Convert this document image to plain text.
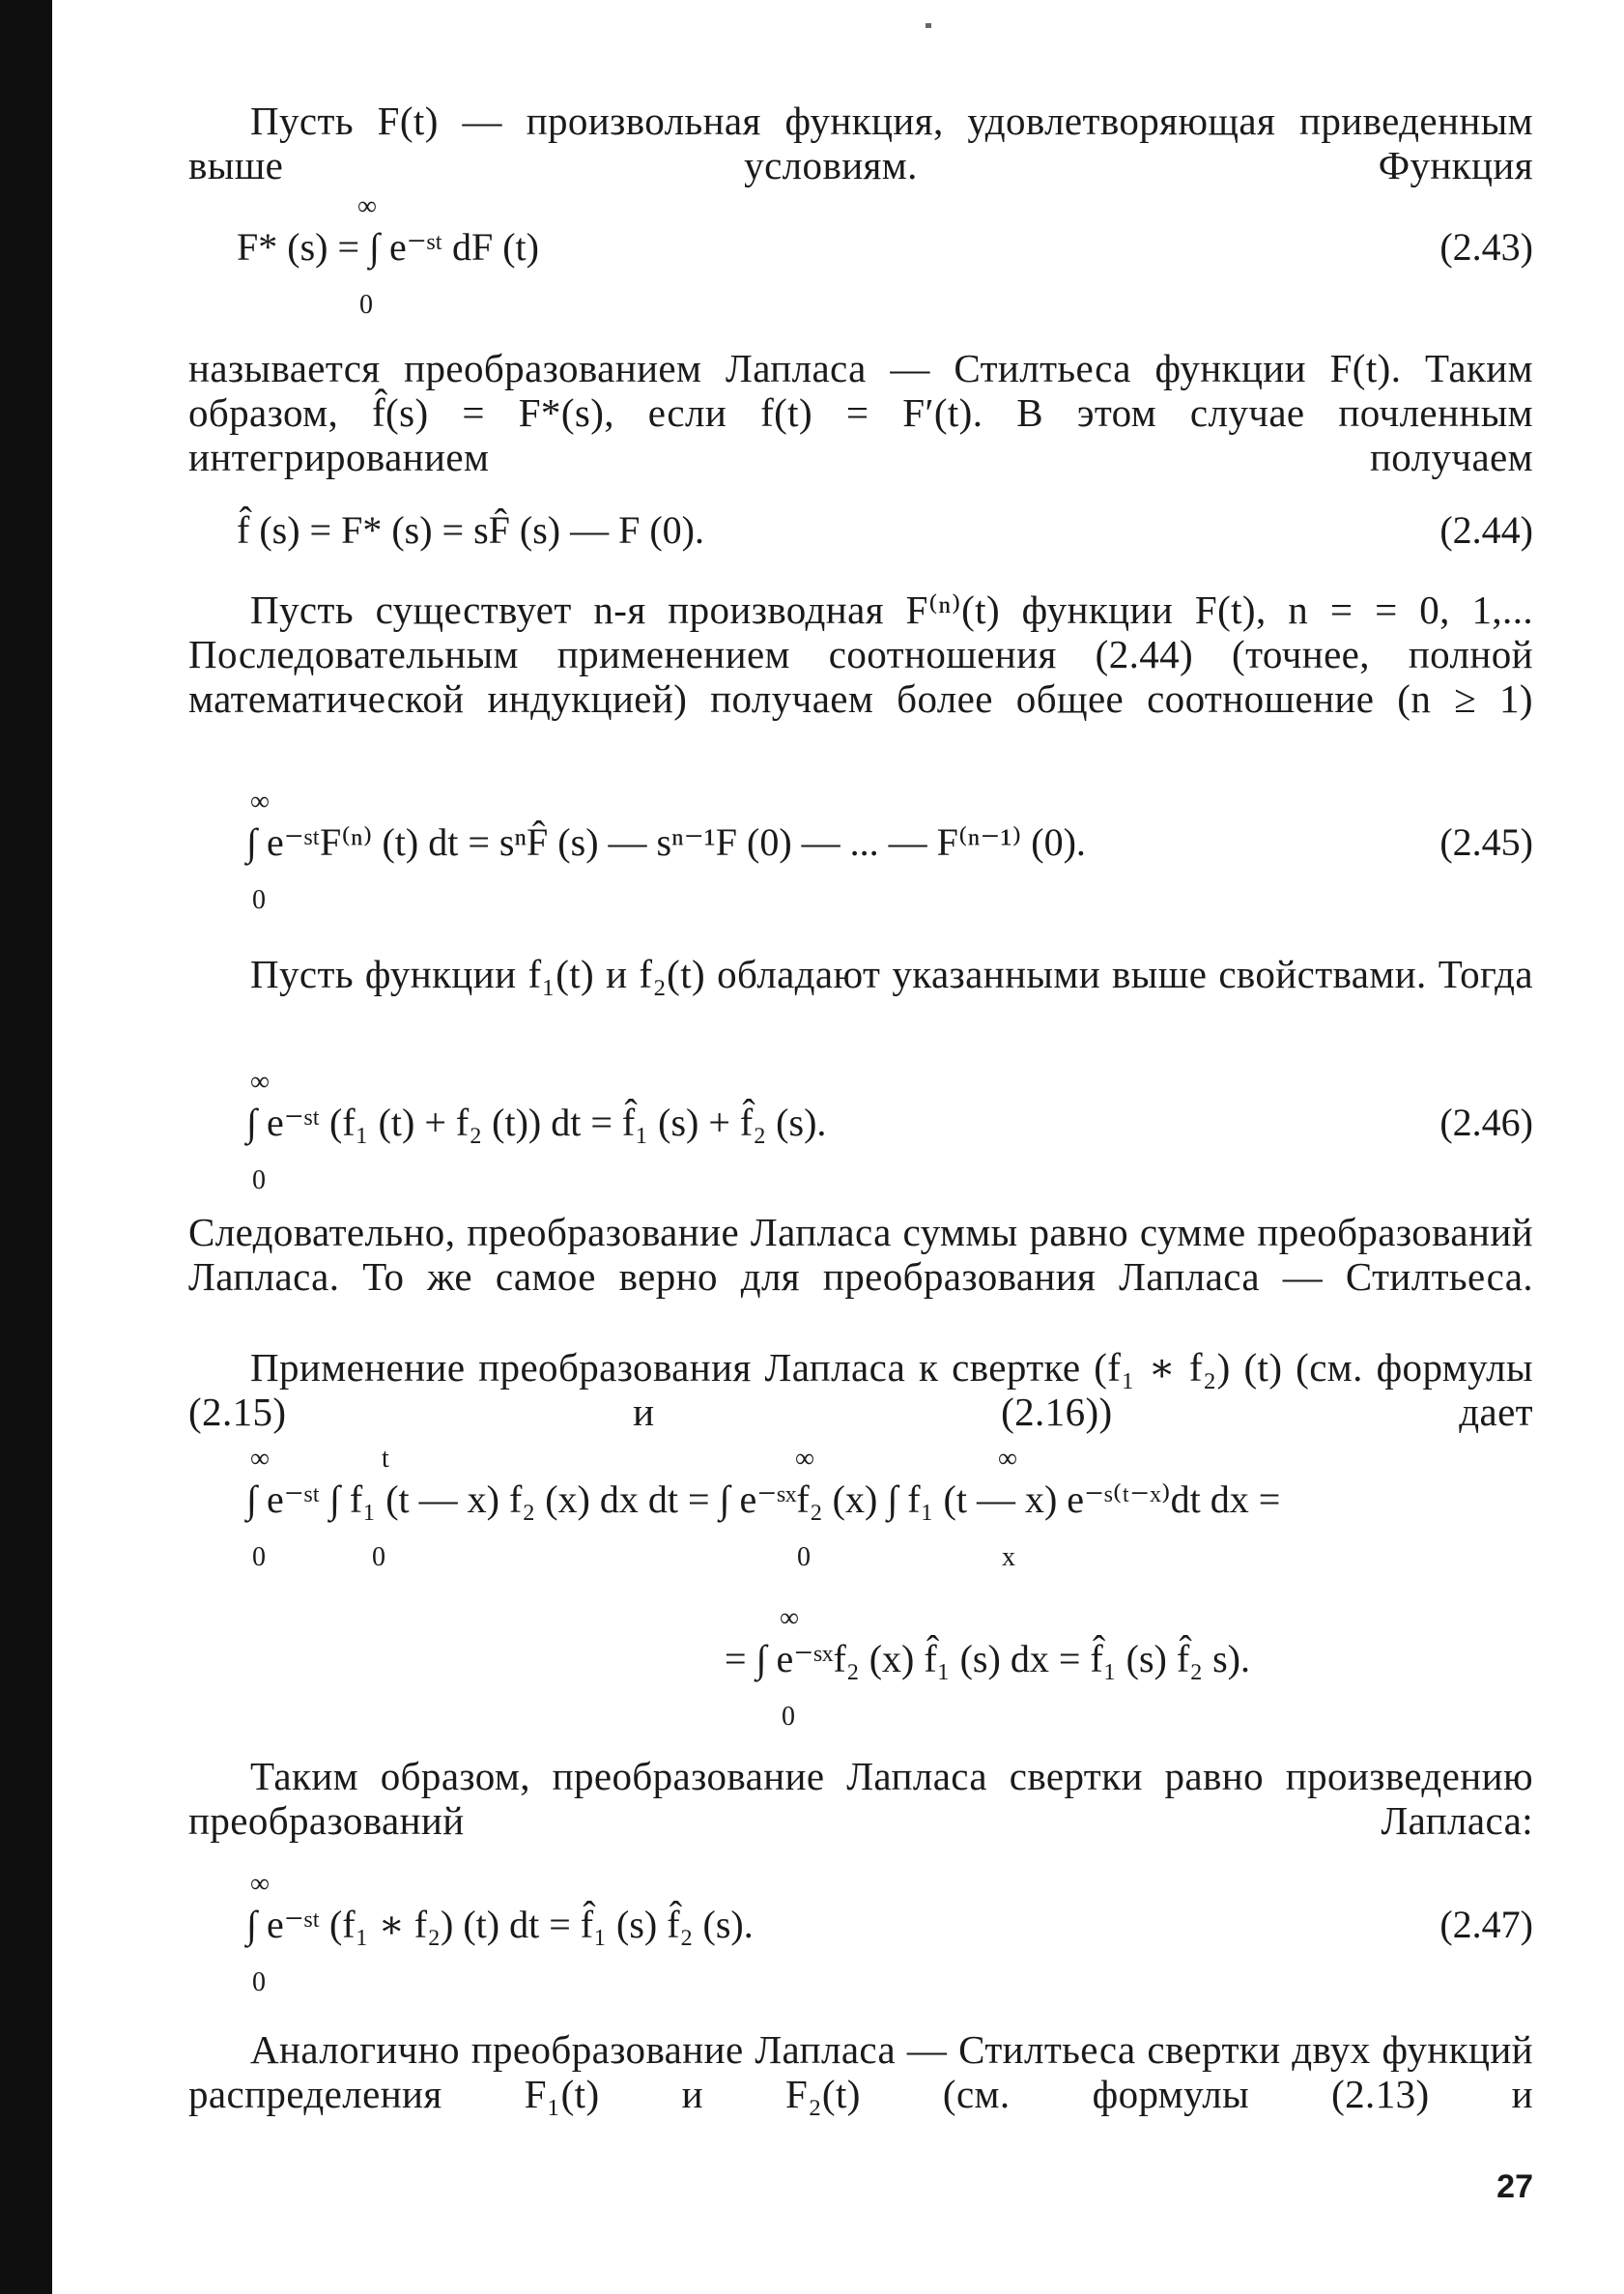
Пусть F(t) — произвольная функция, удовлетворяющая приведенным выше условиям. Функция

∞
0
F* (s) = ∫ e⁻ˢᵗ dF (t)	(2.43)

называется преобразованием Лапласа — Стилтьеса функции F(t). Таким образом, f̂(s) = F*(s), если f(t) = F′(t). В этом случае почленным интегрированием получаем

f̂ (s) = F* (s) = sF̂ (s) — F (0).	(2.44)

Пусть существует n-я производная F⁽ⁿ⁾(t) функции F(t), n = = 0, 1,... Последовательным применением соотношения (2.44) (точнее, полной математической индукцией) получаем более общее соотношение (n ≥ 1)

∞
0
∫ e⁻ˢᵗF⁽ⁿ⁾ (t) dt = sⁿF̂ (s) — sⁿ⁻¹F (0) — ... — F⁽ⁿ⁻¹⁾ (0).	(2.45)

Пусть функции f₁(t) и f₂(t) обладают указанными выше свойствами. Тогда

∞
0
∫ e⁻ˢᵗ (f₁ (t) + f₂ (t)) dt = f̂₁ (s) + f̂₂ (s).	(2.46)

Следовательно, преобразование Лапласа суммы равно сумме преобразований Лапласа. То же самое верно для преобразования Лапласа — Стилтьеса.

Применение преобразования Лапласа к свертке (f₁ ∗ f₂) (t) (см. формулы (2.15) и (2.16)) дает

∞
0
t
0
∞
0
∞
x
∫ e⁻ˢᵗ ∫ f₁ (t — x) f₂ (x) dx dt = ∫ e⁻ˢˣf₂ (x) ∫ f₁ (t — x) e⁻ˢ⁽ᵗ⁻ˣ⁾dt dx =
∞
0
= ∫ e⁻ˢˣf₂ (x) f̂₁ (s) dx = f̂₁ (s) f̂₂ s).

Таким образом, преобразование Лапласа свертки равно произведению преобразований Лапласа:

∞
0
∫ e⁻ˢᵗ (f₁ ∗ f₂) (t) dt = f̂₁ (s) f̂₂ (s).	(2.47)

Аналогично преобразование Лапласа — Стилтьеса свертки двух функций распределения F₁(t) и F₂(t) (см. формулы (2.13) и

27
